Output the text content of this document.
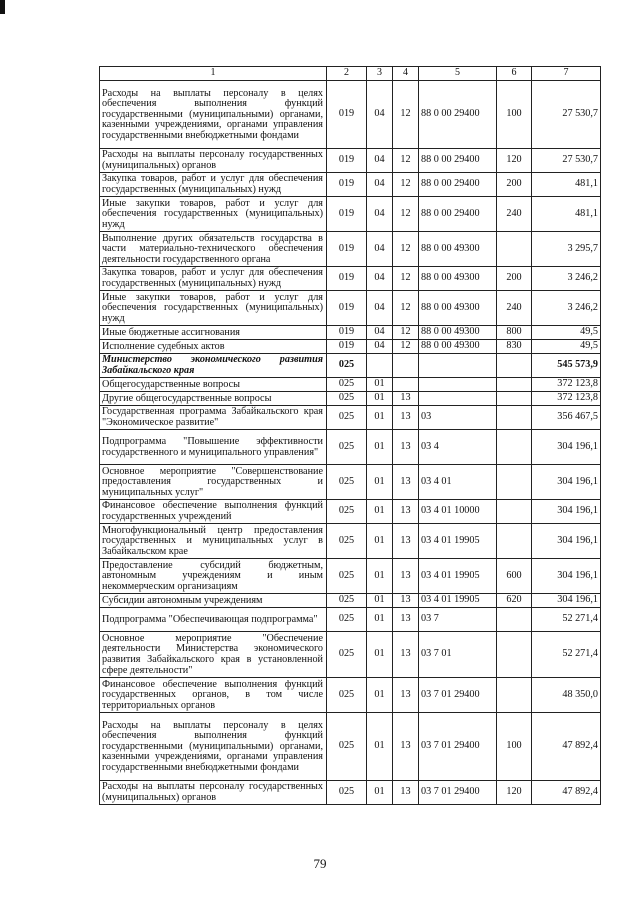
1	2	3	4	5	6	7
Расходы на выплаты персоналу в целях обеспечения выполнения функций государственными (муниципальными) органами, казенными учреждениями, органами управления государственными внебюджетными фондами	019	04	12	88 0 00 29400	100	27 530,7
Расходы на выплаты персоналу государственных (муниципальных) органов	019	04	12	88 0 00 29400	120	27 530,7
Закупка товаров, работ и услуг для обеспечения государственных (муниципальных) нужд	019	04	12	88 0 00 29400	200	481,1
Иные закупки товаров, работ и услуг для обеспечения государственных (муниципальных) нужд	019	04	12	88 0 00 29400	240	481,1
Выполнение других обязательств государства в части материально-технического обеспечения деятельности государственного органа	019	04	12	88 0 00 49300		3 295,7
Закупка товаров, работ и услуг для обеспечения государственных (муниципальных) нужд	019	04	12	88 0 00 49300	200	3 246,2
Иные закупки товаров, работ и услуг для обеспечения государственных (муниципальных) нужд	019	04	12	88 0 00 49300	240	3 246,2
Иные бюджетные ассигнования	019	04	12	88 0 00 49300	800	49,5
Исполнение судебных актов	019	04	12	88 0 00 49300	830	49,5
Министерство экономического развития Забайкальского края	025					545 573,9
Общегосударственные вопросы	025	01				372 123,8
Другие общегосударственные вопросы	025	01	13			372 123,8
Государственная программа Забайкальского края "Экономическое развитие"	025	01	13	03		356 467,5
Подпрограмма "Повышение эффективности государственного и муниципального управления"	025	01	13	03 4		304 196,1
Основное мероприятие "Совершенствование предоставления государственных и муниципальных услуг"	025	01	13	03 4 01		304 196,1
Финансовое обеспечение выполнения функций государственных учреждений	025	01	13	03 4 01 10000		304 196,1
Многофункциональный центр предоставления государственных и муниципальных услуг в Забайкальском крае	025	01	13	03 4 01 19905		304 196,1
Предоставление субсидий бюджетным, автономным учреждениям и иным некоммерческим организациям	025	01	13	03 4 01 19905	600	304 196,1
Субсидии автономным учреждениям	025	01	13	03 4 01 19905	620	304 196,1
Подпрограмма "Обеспечивающая подпрограмма"	025	01	13	03 7		52 271,4
Основное мероприятие "Обеспечение деятельности Министерства экономического развития Забайкальского края в установленной сфере деятельности"	025	01	13	03 7 01		52 271,4
Финансовое обеспечение выполнения функций государственных органов, в том числе территориальных органов	025	01	13	03 7 01 29400		48 350,0
Расходы на выплаты персоналу в целях обеспечения выполнения функций государственными (муниципальными) органами, казенными учреждениями, органами управления государственными внебюджетными фондами	025	01	13	03 7 01 29400	100	47 892,4
Расходы на выплаты персоналу государственных (муниципальных) органов	025	01	13	03 7 01 29400	120	47 892,4
79
